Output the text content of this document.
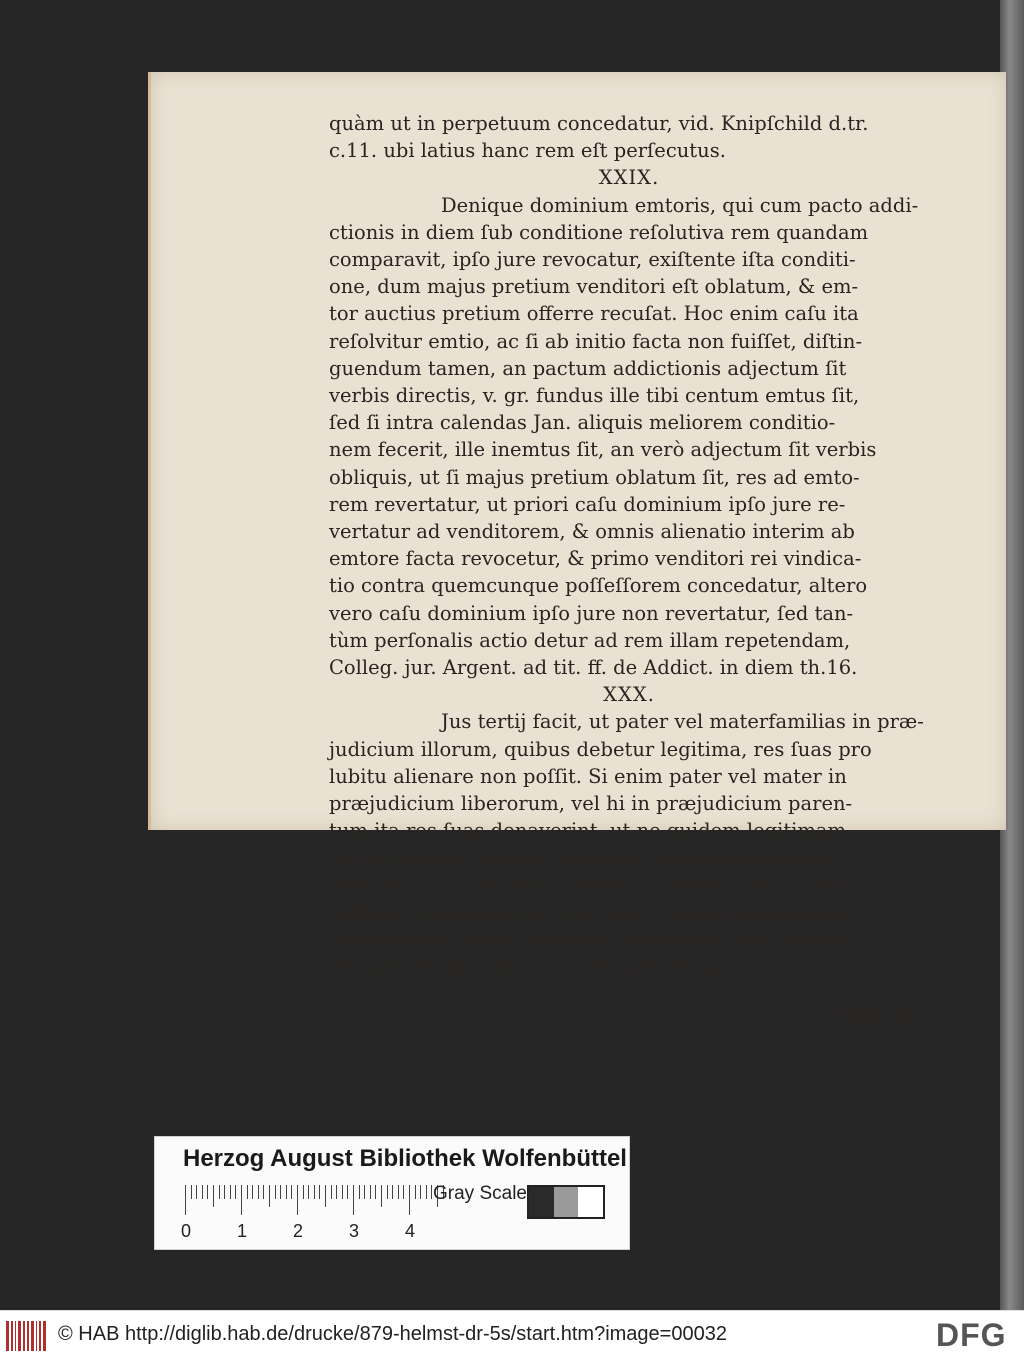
quàm ut in perpetuum concedatur, vid. Knipſchild d.tr.
c.11. ubi latius hanc rem eſt perſecutus.
XXIX.
Denique dominium emtoris, qui cum pacto addi-
ctionis in diem ſub conditione reſolutiva rem quandam
comparavit, ipſo jure revocatur, exiſtente iſta conditi-
one, dum majus pretium venditori eſt oblatum, & em-
tor auctius pretium offerre recuſat. Hoc enim caſu ita
reſolvitur emtio, ac ſi ab initio facta non fuiſſet, diſtin-
guendum tamen, an pactum addictionis adjectum ſit
verbis directis, v. gr. fundus ille tibi centum emtus ſit,
ſed ſi intra calendas Jan. aliquis meliorem conditio-
nem fecerit, ille inemtus ſit, an verò adjectum ſit verbis
obliquis, ut ſi majus pretium oblatum ſit, res ad emto-
rem revertatur, ut priori caſu dominium ipſo jure re-
vertatur ad venditorem, & omnis alienatio interim ab
emtore facta revocetur, & primo venditori rei vindica-
tio contra quemcunque poſſeſſorem concedatur, altero
vero caſu dominium ipſo jure non revertatur, ſed tan-
tùm perſonalis actio detur ad rem illam repetendam,
Colleg. jur. Argent. ad tit. ff. de Addict. in diem th.16.
XXX.
Jus tertij facit, ut pater vel materfamilias in præ-
judicium illorum, quibus debetur legitima, res ſuas pro
lubitu alienare non poſſit. Si enim pater vel mater in
præjudicium liberorum, vel hi in præjudicium paren-
tum ita res ſuas donaverint, ut ne quidem legitimam
ſalvam habere poſſint, alienatio uſque ad legitimam
revocatur t.t.C de inoff. donat & ſi fortè pater, nover-
calibus inſtigationibus corruptus, omnia bona animo
defraudandi liberos extraneo donaverit, tota donatio
eſt nulla Brunn. ad l. 1. C de inoff. donat.
XXXI. In-
Herzog August Bibliothek Wolfenbüttel
0	1	2	3	4
Gray Scale
© HAB http://diglib.hab.de/drucke/879-helmst-dr-5s/start.htm?image=00032	DFG
